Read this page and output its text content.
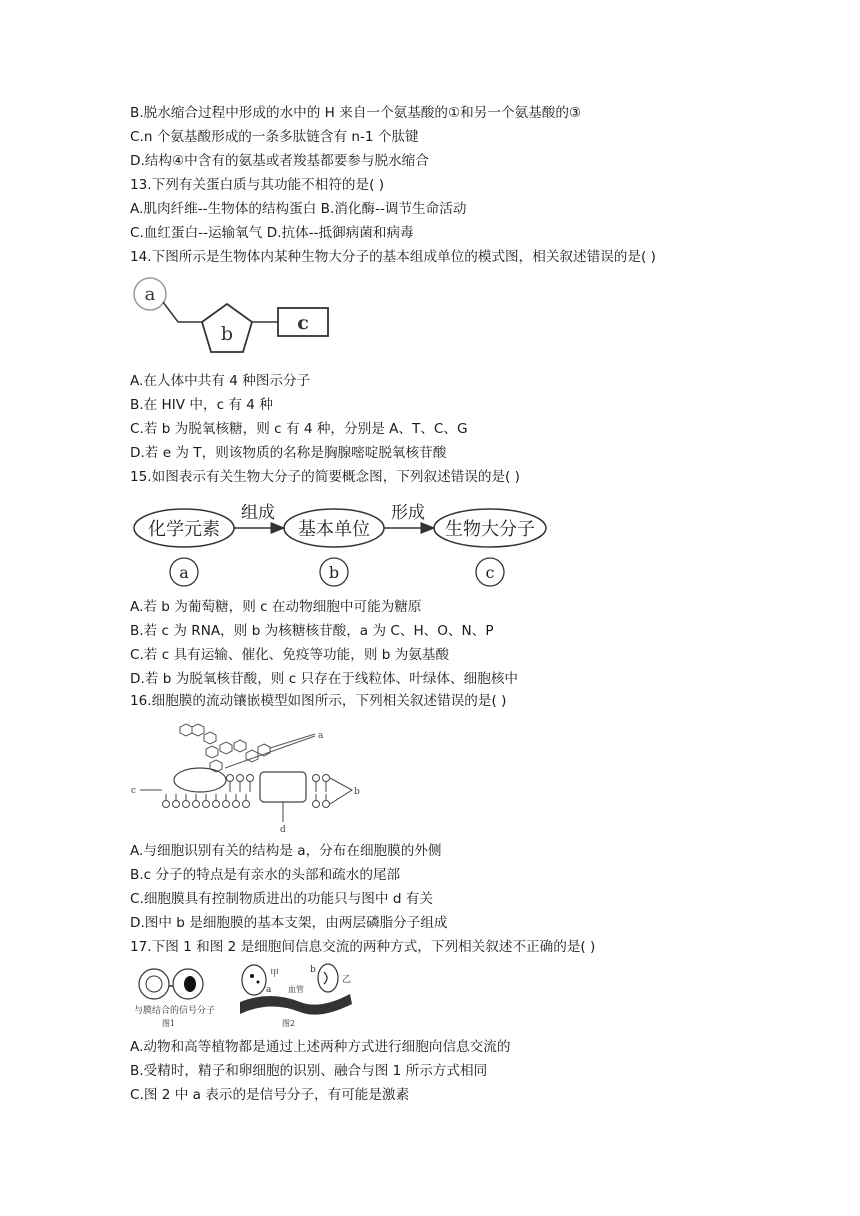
B.脱水缩合过程中形成的水中的 H 来自一个氨基酸的①和另一个氨基酸的③
C.n 个氨基酸形成的一条多肽链含有 n-1 个肽键
D.结构④中含有的氨基或者羧基都要参与脱水缩合
13.下列有关蛋白质与其功能不相符的是( )
A.肌肉纤维--生物体的结构蛋白 B.消化酶--调节生命活动
C.血红蛋白--运输氧气 D.抗体--抵御病菌和病毒
14.下图所示是生物体内某种生物大分子的基本组成单位的模式图，相关叙述错误的是( )
a
b	c
A.在人体中共有 4 种图示分子
B.在 HIV 中，c 有 4 种
C.若 b 为脱氧核糖，则 c 有 4 种，分别是 A、T、C、G
D.若 e 为 T，则该物质的名称是胸腺嘧啶脱氧核苷酸
15.如图表示有关生物大分子的简要概念图，下列叙述错误的是( )
化学元素
组成
基本单位
形成
生物大分子
a	b	c
A.若 b 为葡萄糖，则 c 在动物细胞中可能为糖原
B.若 c 为 RNA，则 b 为核糖核苷酸，a 为 C、H、O、N、P
C.若 c 具有运输、催化、免疫等功能，则 b 为氨基酸
D.若 b 为脱氧核苷酸，则 c 只存在于线粒体、叶绿体、细胞核中
16.细胞膜的流动镶嵌模型如图所示，下列相关叙述错误的是( )
a
d
c	b
A.与细胞识别有关的结构是 a，分布在细胞膜的外侧
B.c 分子的特点是有亲水的头部和疏水的尾部
C.细胞膜具有控制物质进出的功能只与图中 d 有关
D.图中 b 是细胞膜的基本支架，由两层磷脂分子组成
17.下图 1 和图 2 是细胞间信息交流的两种方式，下列相关叙述不正确的是( )
与膜结合的信号分子
图1
甲
a 血管
b
乙
图2
A.动物和高等植物都是通过上述两种方式进行细胞向信息交流的
B.受精时，精子和卵细胞的识别、融合与图 1 所示方式相同
C.图 2 中 a 表示的是信号分子，有可能是激素
